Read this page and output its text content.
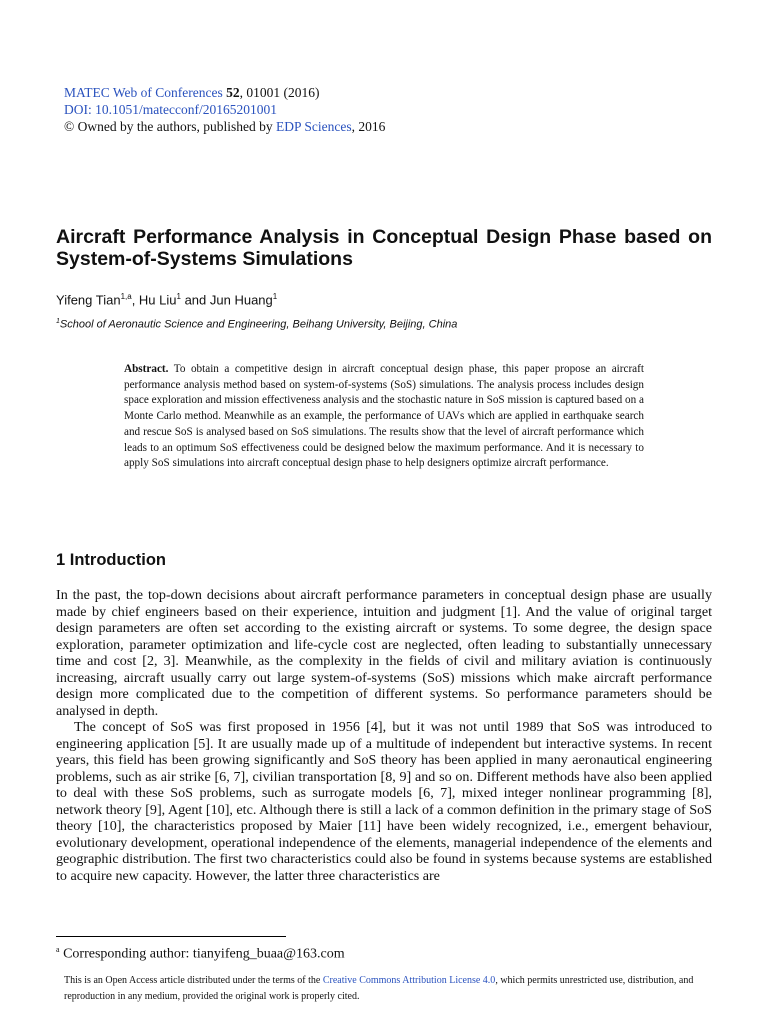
MATEC Web of Conferences 52, 01001 (2016)
DOI: 10.1051/matecconf/20165201001
© Owned by the authors, published by EDP Sciences, 2016
Aircraft Performance Analysis in Conceptual Design Phase based on System-of-Systems Simulations
Yifeng Tian$^{1,a}$, Hu Liu$^1$ and Jun Huang$^1$
$^1$School of Aeronautic Science and Engineering, Beihang University, Beijing, China
Abstract. To obtain a competitive design in aircraft conceptual design phase, this paper propose an aircraft performance analysis method based on system-of-systems (SoS) simulations. The analysis process includes design space exploration and mission effectiveness analysis and the stochastic nature in SoS mission is captured based on a Monte Carlo method. Meanwhile as an example, the performance of UAVs which are applied in earthquake search and rescue SoS is analysed based on SoS simulations. The results show that the level of aircraft performance which leads to an optimum SoS effectiveness could be designed below the maximum performance. And it is necessary to apply SoS simulations into aircraft conceptual design phase to help designers optimize aircraft performance.
1 Introduction

In the past, the top-down decisions about aircraft performance parameters in conceptual design phase are usually made by chief engineers based on their experience, intuition and judgment [1]. And the value of original target design parameters are often set according to the existing aircraft or systems. To some degree, the design space exploration, parameter optimization and life-cycle cost are neglected, often leading to substantially unnecessary time and cost [2, 3]. Meanwhile, as the complexity in the fields of civil and military aviation is continuously increasing, aircraft usually carry out large system-of-systems (SoS) missions which make aircraft performance design more complicated due to the competition of different systems. So performance parameters should be analysed in depth.

The concept of SoS was first proposed in 1956 [4], but it was not until 1989 that SoS was introduced to engineering application [5]. It are usually made up of a multitude of independent but interactive systems. In recent years, this field has been growing significantly and SoS theory has been applied in many aeronautical engineering problems, such as air strike [6, 7], civilian transportation [8, 9] and so on. Different methods have also been applied to deal with these SoS problems, such as surrogate models [6, 7], mixed integer nonlinear programming [8], network theory [9], Agent [10], etc. Although there is still a lack of a common definition in the primary stage of SoS theory [10], the characteristics proposed by Maier [11] have been widely recognized, i.e., emergent behaviour, evolutionary development, operational independence of the elements, managerial independence of the elements and geographic distribution. The first two characteristics could also be found in systems because systems are established to acquire new capacity. However, the latter three characteristics are

$^a$ Corresponding author: tianyifeng_buaa@163.com
This is an Open Access article distributed under the terms of the Creative Commons Attribution License 4.0, which permits unrestricted use, distribution, and reproduction in any medium, provided the original work is properly cited.
